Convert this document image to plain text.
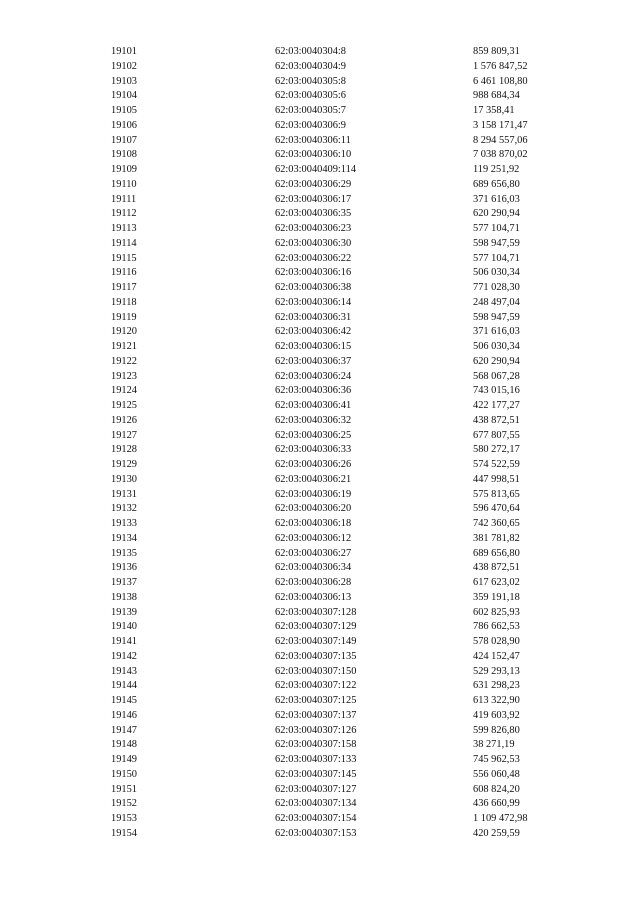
19101	62:03:0040304:8	859 809,31
19102	62:03:0040304:9	1 576 847,52
19103	62:03:0040305:8	6 461 108,80
19104	62:03:0040305:6	988 684,34
19105	62:03:0040305:7	17 358,41
19106	62:03:0040306:9	3 158 171,47
19107	62:03:0040306:11	8 294 557,06
19108	62:03:0040306:10	7 038 870,02
19109	62:03:0040409:114	119 251,92
19110	62:03:0040306:29	689 656,80
19111	62:03:0040306:17	371 616,03
19112	62:03:0040306:35	620 290,94
19113	62:03:0040306:23	577 104,71
19114	62:03:0040306:30	598 947,59
19115	62:03:0040306:22	577 104,71
19116	62:03:0040306:16	506 030,34
19117	62:03:0040306:38	771 028,30
19118	62:03:0040306:14	248 497,04
19119	62:03:0040306:31	598 947,59
19120	62:03:0040306:42	371 616,03
19121	62:03:0040306:15	506 030,34
19122	62:03:0040306:37	620 290,94
19123	62:03:0040306:24	568 067,28
19124	62:03:0040306:36	743 015,16
19125	62:03:0040306:41	422 177,27
19126	62:03:0040306:32	438 872,51
19127	62:03:0040306:25	677 807,55
19128	62:03:0040306:33	580 272,17
19129	62:03:0040306:26	574 522,59
19130	62:03:0040306:21	447 998,51
19131	62:03:0040306:19	575 813,65
19132	62:03:0040306:20	596 470,64
19133	62:03:0040306:18	742 360,65
19134	62:03:0040306:12	381 781,82
19135	62:03:0040306:27	689 656,80
19136	62:03:0040306:34	438 872,51
19137	62:03:0040306:28	617 623,02
19138	62:03:0040306:13	359 191,18
19139	62:03:0040307:128	602 825,93
19140	62:03:0040307:129	786 662,53
19141	62:03:0040307:149	578 028,90
19142	62:03:0040307:135	424 152,47
19143	62:03:0040307:150	529 293,13
19144	62:03:0040307:122	631 298,23
19145	62:03:0040307:125	613 322,90
19146	62:03:0040307:137	419 603,92
19147	62:03:0040307:126	599 826,80
19148	62:03:0040307:158	38 271,19
19149	62:03:0040307:133	745 962,53
19150	62:03:0040307:145	556 060,48
19151	62:03:0040307:127	608 824,20
19152	62:03:0040307:134	436 660,99
19153	62:03:0040307:154	1 109 472,98
19154	62:03:0040307:153	420 259,59
